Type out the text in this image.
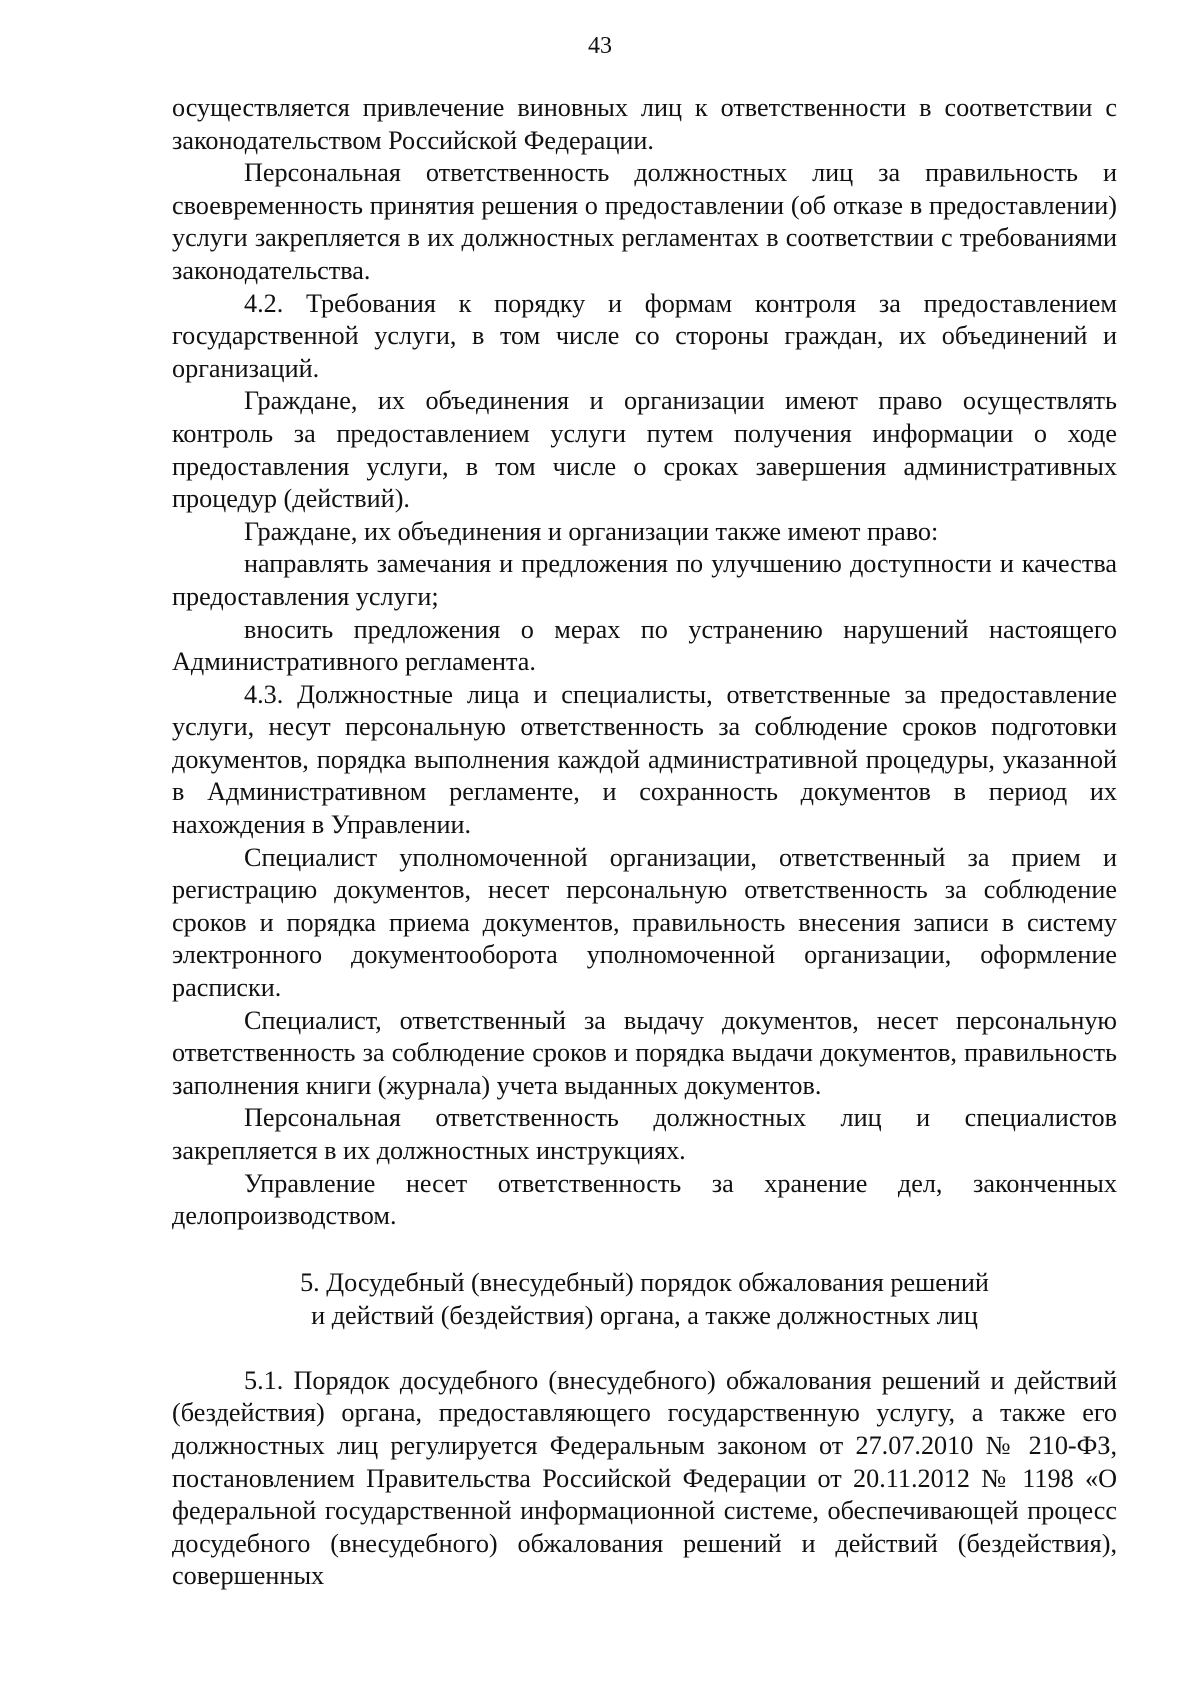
43

осуществляется привлечение виновных лиц к ответственности в соответствии с законодательством Российской Федерации.

Персональная ответственность должностных лиц за правильность и своевременность принятия решения о предоставлении (об отказе в предоставлении) услуги закрепляется в их должностных регламентах в соответствии с требованиями законодательства.

4.2. Требования к порядку и формам контроля за предоставлением государственной услуги, в том числе со стороны граждан, их объединений и организаций.

Граждане, их объединения и организации имеют право осуществлять контроль за предоставлением услуги путем получения информации о ходе предоставления услуги, в том числе о сроках завершения административных процедур (действий).

Граждане, их объединения и организации также имеют право:

направлять замечания и предложения по улучшению доступности и качества предоставления услуги;

вносить предложения о мерах по устранению нарушений настоящего Административного регламента.

4.3. Должностные лица и специалисты, ответственные за предоставление услуги, несут персональную ответственность за соблюдение сроков подготовки документов, порядка выполнения каждой административной процедуры, указанной в Административном регламенте, и сохранность документов в период их нахождения в Управлении.

Специалист уполномоченной организации, ответственный за прием и регистрацию документов, несет персональную ответственность за соблюдение сроков и порядка приема документов, правильность внесения записи в систему электронного документооборота уполномоченной организации, оформление расписки.

Специалист, ответственный за выдачу документов, несет персональную ответственность за соблюдение сроков и порядка выдачи документов, правильность заполнения книги (журнала) учета выданных документов.

Персональная ответственность должностных лиц и специалистов закрепляется в их должностных инструкциях.

Управление несет ответственность за хранение дел, законченных делопроизводством.

5. Досудебный (внесудебный) порядок обжалования решений
и действий (бездействия) органа, а также должностных лиц

5.1. Порядок досудебного (внесудебного) обжалования решений и действий (бездействия) органа, предоставляющего государственную услугу, а также его должностных лиц регулируется Федеральным законом от 27.07.2010 № 210-ФЗ, постановлением Правительства Российской Федерации от 20.11.2012 № 1198 «О федеральной государственной информационной системе, обеспечивающей процесс досудебного (внесудебного) обжалования решений и действий (бездействия), совершенных
